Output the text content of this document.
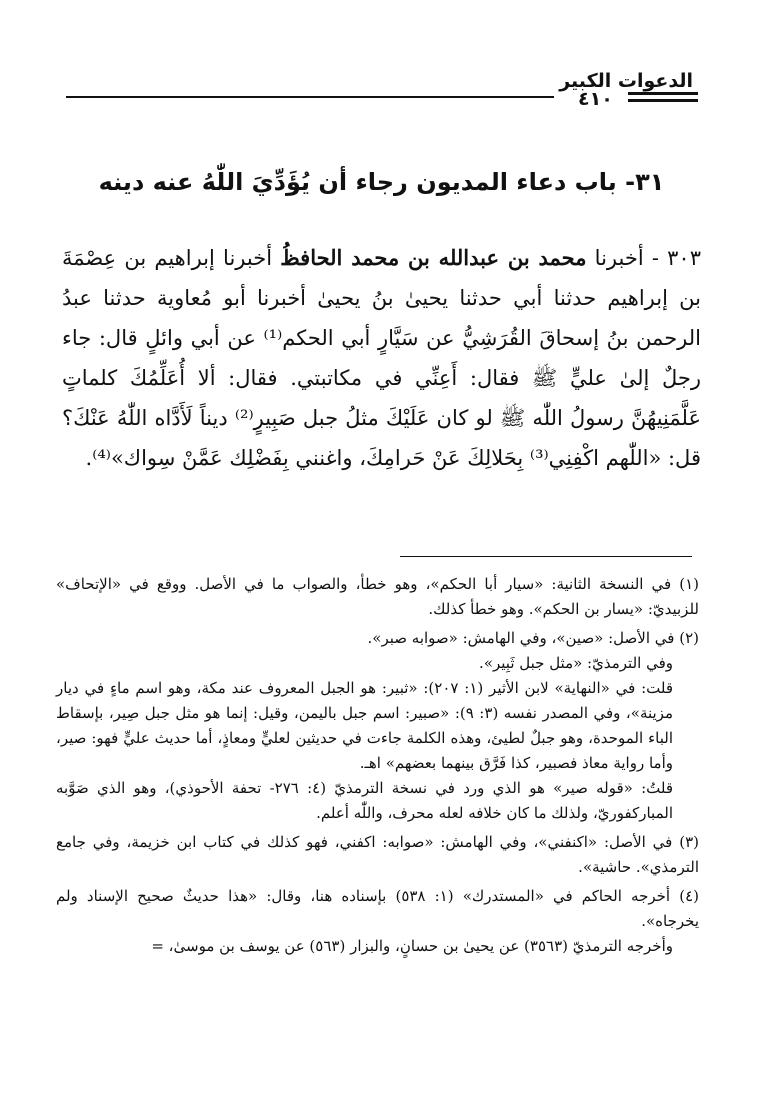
الدعوات الكبير
٤١٠
٣١- باب دعاء المديون رجاء أن يُؤَدِّيَ اللّٰهُ عنه دينه

٣٠٣ - أخبرنا محمد بن عبدالله بن محمد الحافظُ أخبرنا إبراهيم بن عِصْمَةَ بن إبراهيم حدثنا أبي حدثنا يحيىٰ بنُ يحيىٰ أخبرنا أبو مُعاوية حدثنا عبدُ الرحمن بنُ إسحاقَ القُرَشِيُّ عن سَيَّارٍ أبي الحكم⁽¹⁾ عن أبي وائلٍ قال: جاء رجلٌ إلىٰ عليٍّ ﷺ فقال: أَعِنِّي في مكاتبتي. فقال: ألا أُعَلِّمُكَ كلماتٍ عَلَّمَنِيهُنَّ رسولُ اللّٰه ﷺ لو كان عَلَيْكَ مثلُ جبل صَبِيرٍ⁽²⁾ ديناً لَأَدَّاه اللّٰهُ عَنْكَ؟ قل: «اللّٰهم اكْفِنِي⁽³⁾ بِحَلالِكَ عَنْ حَرامِكَ، واغنني بِفَضْلِك عَمَّنْ سِواك»⁽⁴⁾.

(١) في النسخة الثانية: «سيار أبا الحكم»، وهو خطأ، والصواب ما في الأصل. ووقع في «الإتحاف» للزبيديّ: «يسار بن الحكم». وهو خطأ كذلك.

(٢) في الأصل: «صين»، وفي الهامش: «صوابه صبر».

وفي الترمذيّ: «مثل جبل ثَبِير».

قلت: في «النهاية» لابن الأثير (١: ٢٠٧): «ثبير: هو الجبل المعروف عند مكة، وهو اسم ماءٍ في ديار مزينة»، وفي المصدر نفسه (٣: ٩): «صبير: اسم جبل باليمن، وقيل: إنما هو مثل جبل صِير، بإسقاط الباء الموحدة، وهو جبلٌ لطيئ، وهذه الكلمة جاءت في حديثين لعليٍّ ومعاذٍ، أما حديث عليٍّ فهو: صير، وأما رواية معاذ فصبير، كذا فَرَّق بينهما بعضهم» اهـ.

قلتُ: «قوله صير» هو الذي ورد في نسخة الترمذيّ (٤: ٢٧٦- تحفة الأحوذي)، وهو الذي صَوَّبه المباركفوريّ، ولذلك ما كان خلافه لعله محرف، واللّٰه أعلم.

(٣) في الأصل: «اكنفني»، وفي الهامش: «صوابه: اكفني، فهو كذلك في كتاب ابن خزيمة، وفي جامع الترمذي». حاشية».

(٤) أخرجه الحاكم في «المستدرك» (١: ٥٣٨) بإسناده هنا، وقال: «هذا حديثٌ صحيح الإسناد ولم يخرجاه».

وأخرجه الترمذيّ (٣٥٦٣) عن يحيىٰ بن حسانٍ، والبزار (٥٦٣) عن يوسف بن موسىٰ، =
